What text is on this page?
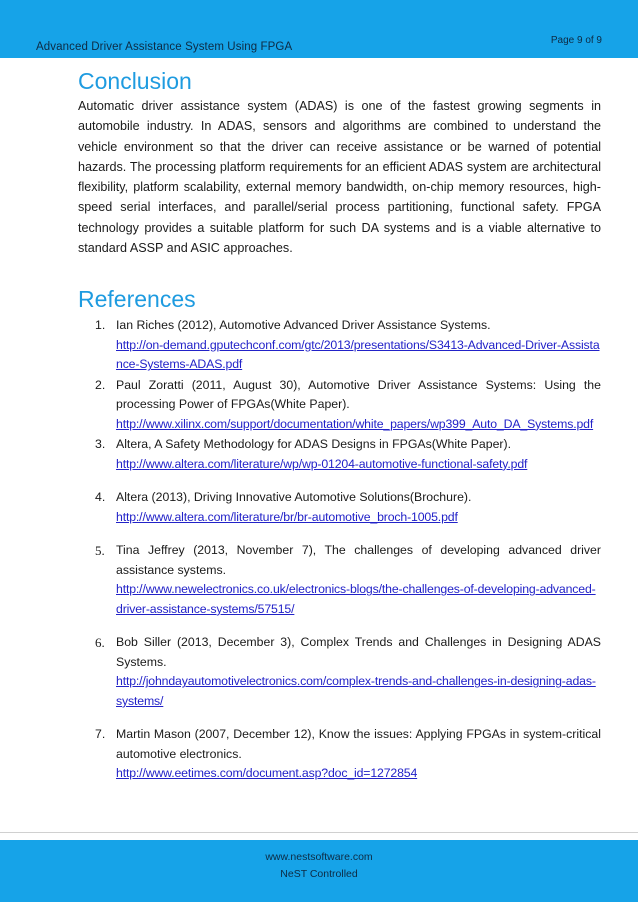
Page 9 of 9
Advanced Driver Assistance System Using FPGA
Conclusion

Automatic driver assistance system (ADAS) is one of the fastest growing segments in automobile industry. In ADAS, sensors and algorithms are combined to understand the vehicle environment so that the driver can receive assistance or be warned of potential hazards. The processing platform requirements for an efficient ADAS system are architectural flexibility, platform scalability, external memory bandwidth, on-chip memory resources, high-speed serial interfaces, and parallel/serial process partitioning, functional safety. FPGA technology provides a suitable platform for such DA systems and is a viable alternative to standard ASSP and ASIC approaches.

References
1. Ian Riches (2012), Automotive Advanced Driver Assistance Systems.
http://on-demand.gputechconf.com/gtc/2013/presentations/S3413-Advanced-Driver-Assistance-Systems-ADAS.pdf
2. Paul Zoratti (2011, August 30), Automotive Driver Assistance Systems: Using the processing Power of FPGAs(White Paper).
http://www.xilinx.com/support/documentation/white_papers/wp399_Auto_DA_Systems.pdf
3. Altera, A Safety Methodology for ADAS Designs in FPGAs(White Paper).
http://www.altera.com/literature/wp/wp-01204-automotive-functional-safety.pdf
4. Altera (2013), Driving Innovative Automotive Solutions(Brochure).
http://www.altera.com/literature/br/br-automotive_broch-1005.pdf
5. Tina Jeffrey (2013, November 7), The challenges of developing advanced driver assistance systems.
http://www.newelectronics.co.uk/electronics-blogs/the-challenges-of-developing-advanced-driver-assistance-systems/57515/
6. Bob Siller (2013, December 3), Complex Trends and Challenges in Designing ADAS Systems.
http://johndayautomotivelectronics.com/complex-trends-and-challenges-in-designing-adas-systems/
7. Martin Mason (2007, December 12), Know the issues: Applying FPGAs in system-critical automotive electronics.
http://www.eetimes.com/document.asp?doc_id=1272854
www.nestsoftware.com
NeST Controlled
